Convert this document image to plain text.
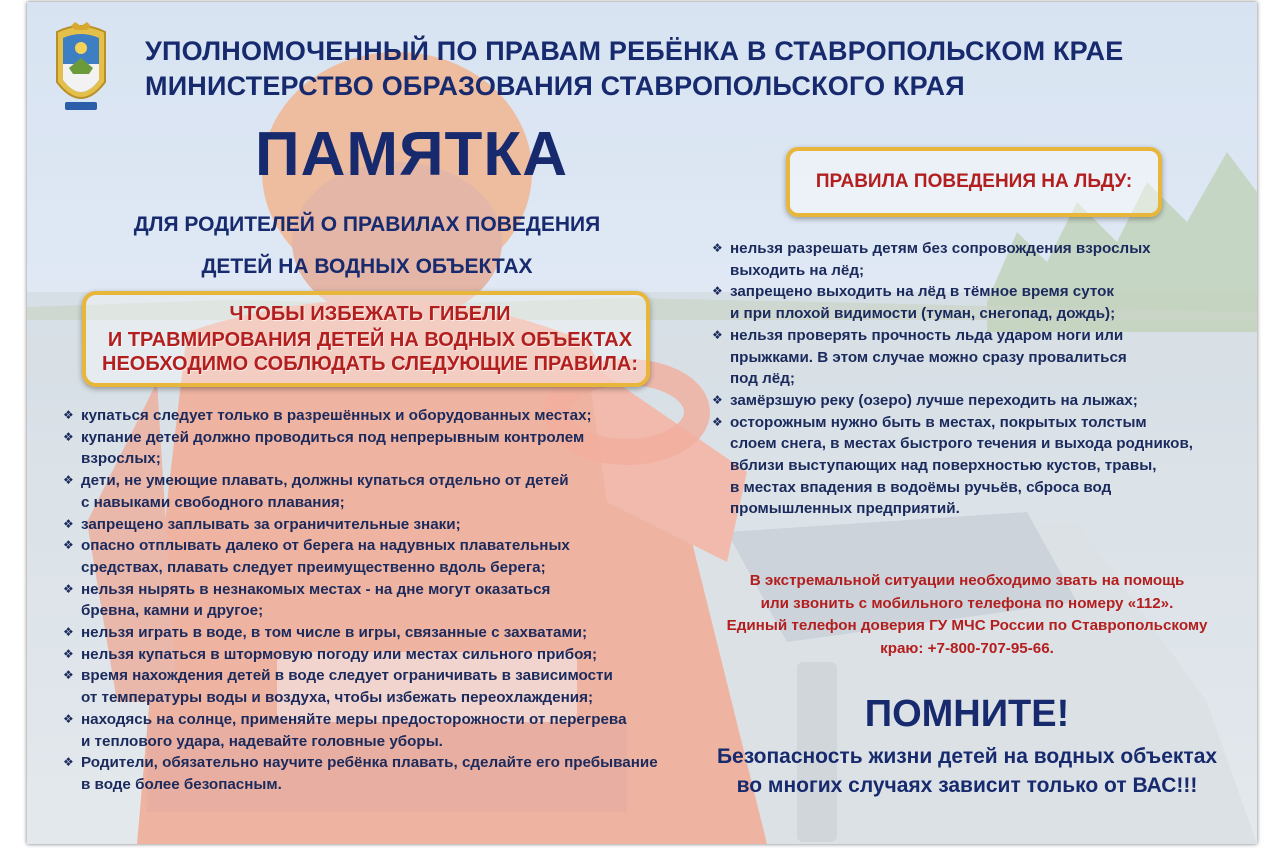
УПОЛНОМОЧЕННЫЙ ПО ПРАВАМ РЕБЁНКА В СТАВРОПОЛЬСКОМ КРАЕ
МИНИСТЕРСТВО ОБРАЗОВАНИЯ СТАВРОПОЛЬСКОГО КРАЯ
ПАМЯТКА
ДЛЯ РОДИТЕЛЕЙ О ПРАВИЛАХ ПОВЕДЕНИЯ
ДЕТЕЙ НА ВОДНЫХ ОБЪЕКТАХ
ЧТОБЫ ИЗБЕЖАТЬ ГИБЕЛИ
И ТРАВМИРОВАНИЯ ДЕТЕЙ НА ВОДНЫХ ОБЪЕКТАХ
НЕОБХОДИМО СОБЛЮДАТЬ СЛЕДУЮЩИЕ ПРАВИЛА:
❖ купаться следует только в разрешённых и оборудованных местах;
❖ купание детей должно проводиться под непрерывным контролем
взрослых;
❖ дети, не умеющие плавать, должны купаться отдельно от детей
с навыками свободного плавания;
❖ запрещено заплывать за ограничительные знаки;
❖ опасно отплывать далеко от берега на надувных плавательных
средствах, плавать следует преимущественно вдоль берега;
❖ нельзя нырять в незнакомых местах - на дне могут оказаться
бревна, камни и другое;
❖ нельзя играть в воде, в том числе в игры, связанные с захватами;
❖ нельзя купаться в штормовую погоду или местах сильного прибоя;
❖ время нахождения детей в воде следует ограничивать в зависимости
от температуры воды и воздуха, чтобы избежать переохлаждения;
❖ находясь на солнце, применяйте меры предосторожности от перегрева
и теплового удара, надевайте головные уборы.
❖ Родители, обязательно научите ребёнка плавать, сделайте его пребывание
в воде более безопасным.
ПРАВИЛА ПОВЕДЕНИЯ НА ЛЬДУ:
❖ нельзя разрешать детям без сопровождения взрослых
выходить на лёд;
❖ запрещено выходить на лёд в тёмное время суток
и при плохой видимости (туман, снегопад, дождь);
❖ нельзя проверять прочность льда ударом ноги или
прыжками. В этом случае можно сразу провалиться
под лёд;
❖ замёрзшую реку (озеро) лучше переходить на лыжах;
❖ осторожным нужно быть в местах, покрытых толстым
слоем снега, в местах быстрого течения и выхода родников,
вблизи выступающих над поверхностью кустов, травы,
в местах впадения в водоёмы ручьёв, сброса вод
промышленных предприятий.
В экстремальной ситуации необходимо звать на помощь
или звонить с мобильного телефона по номеру «112».
Единый телефон доверия ГУ МЧС России по Ставропольскому
краю: +7-800-707-95-66.
ПОМНИТЕ!
Безопасность жизни детей на водных объектах
во многих случаях зависит только от ВАС!!!
